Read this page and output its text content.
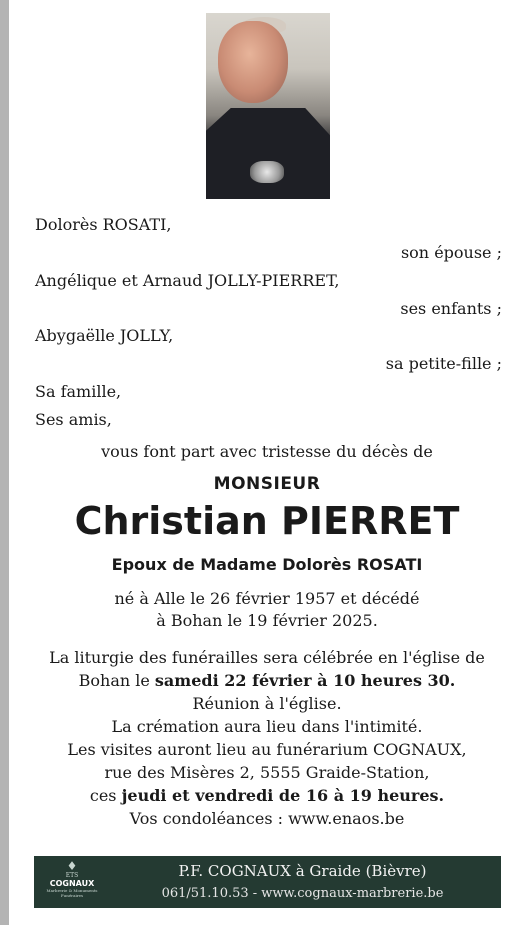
Dolorès ROSATI,
son épouse ;
Angélique et Arnaud JOLLY-PIERRET,
ses enfants ;
Abygaëlle JOLLY,
sa petite-fille ;
Sa famille,
Ses amis,
vous font part avec tristesse du décès de
MONSIEUR
Christian PIERRET
Epoux de Madame Dolorès ROSATI
né à Alle le 26 février 1957 et décédé
à Bohan le 19 février 2025.
La liturgie des funérailles sera célébrée en l'église de
Bohan le samedi 22 février à 10 heures 30.
Réunion à l'église.
La crémation aura lieu dans l'intimité.
Les visites auront lieu au funérarium COGNAUX,
rue des Misères 2, 5555 Graide-Station,
ces jeudi et vendredi de 16 à 19 heures.
Vos condoléances : www.enaos.be
♦
ETS
COGNAUX
Marbrerie & Monuments Funéraires
P.F. COGNAUX à Graide (Bièvre)
061/51.10.53 - www.cognaux-marbrerie.be
